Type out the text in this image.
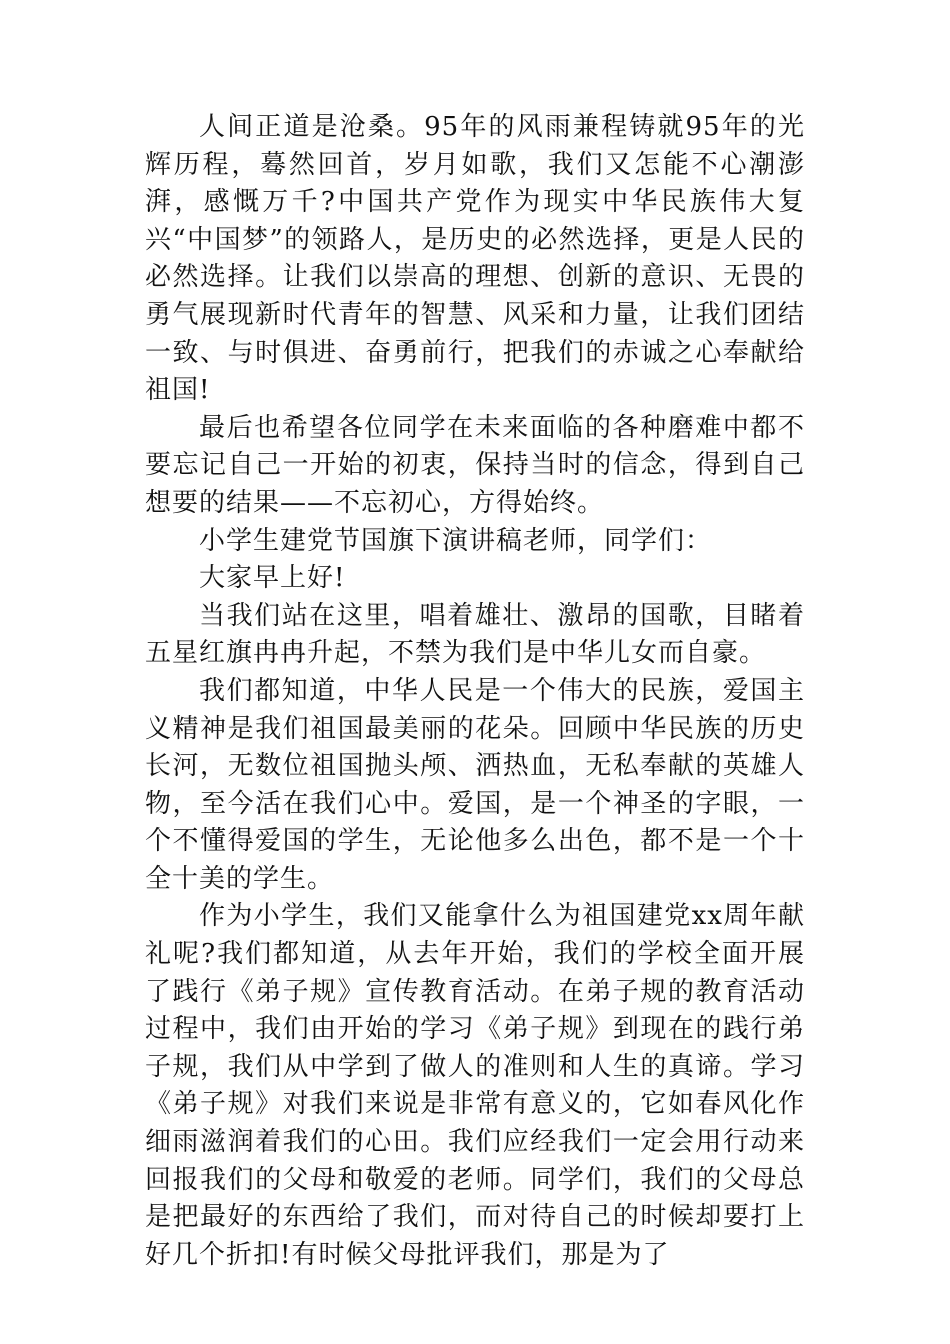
人间正道是沧桑。95年的风雨兼程铸就95年的光辉历程，蓦然回首，岁月如歌，我们又怎能不心潮澎湃，感慨万千?中国共产党作为现实中华民族伟大复兴“中国梦”的领路人，是历史的必然选择，更是人民的必然选择。让我们以崇高的理想、创新的意识、无畏的勇气展现新时代青年的智慧、风采和力量，让我们团结一致、与时俱进、奋勇前行，把我们的赤诚之心奉献给祖国!

最后也希望各位同学在未来面临的各种磨难中都不要忘记自己一开始的初衷，保持当时的信念，得到自己想要的结果——不忘初心，方得始终。

小学生建党节国旗下演讲稿老师，同学们：

大家早上好!

当我们站在这里，唱着雄壮、激昂的国歌，目睹着五星红旗冉冉升起，不禁为我们是中华儿女而自豪。

我们都知道，中华人民是一个伟大的民族，爱国主义精神是我们祖国最美丽的花朵。回顾中华民族的历史长河，无数位祖国抛头颅、洒热血，无私奉献的英雄人物，至今活在我们心中。爱国，是一个神圣的字眼，一个不懂得爱国的学生，无论他多么出色，都不是一个十全十美的学生。

作为小学生，我们又能拿什么为祖国建党xx周年献礼呢?我们都知道，从去年开始，我们的学校全面开展了践行《弟子规》宣传教育活动。在弟子规的教育活动过程中，我们由开始的学习《弟子规》到现在的践行弟子规，我们从中学到了做人的准则和人生的真谛。学习《弟子规》对我们来说是非常有意义的，它如春风化作细雨滋润着我们的心田。我们应经我们一定会用行动来回报我们的父母和敬爱的老师。同学们，我们的父母总是把最好的东西给了我们，而对待自己的时候却要打上好几个折扣!有时候父母批评我们，那是为了
